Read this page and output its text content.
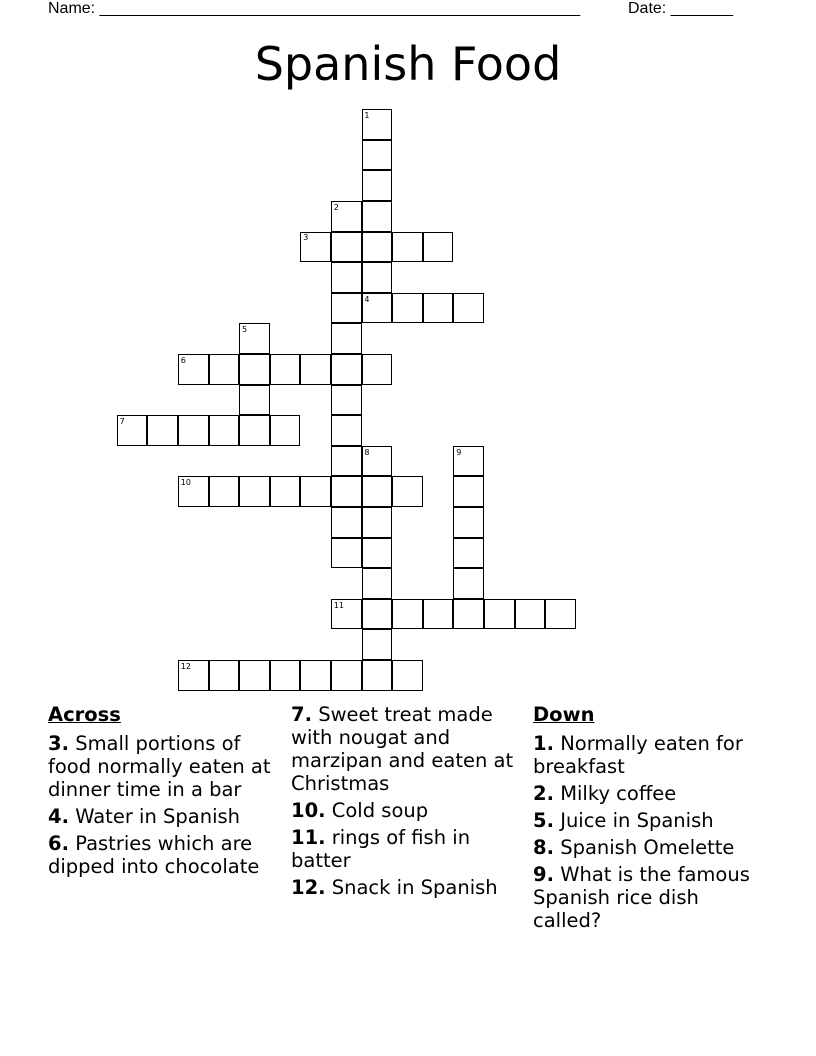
Name: ______________________________________________________	Date: _______
Spanish Food
1
2
3
4
5
6
7
8	9
10
11
12
Across
3. Small portions of food normally eaten at dinner time in a bar
4. Water in Spanish
6. Pastries which are dipped into chocolate
7. Sweet treat made with nougat and marzipan and eaten at Christmas
10. Cold soup
11. rings of fish in batter
12. Snack in Spanish
Down
1. Normally eaten for breakfast
2. Milky coffee
5. Juice in Spanish
8. Spanish Omelette
9. What is the famous Spanish rice dish called?
